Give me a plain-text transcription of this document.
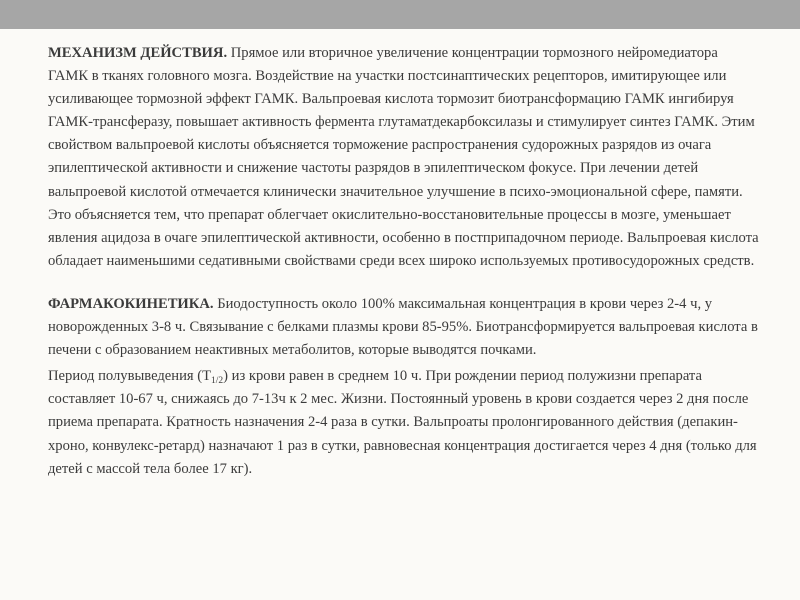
МЕХАНИЗМ ДЕЙСТВИЯ. Прямое или вторичное увеличение концентрации тормозного нейромедиатора ГАМК в тканях головного мозга. Воздействие на участки постсинаптических рецепторов, имитирующее или усиливающее тормозной эффект ГАМК. Вальпроевая кислота тормозит биотрансформацию ГАМК ингибируя ГАМК-трансферазу, повышает активность фермента глутаматдекарбоксилазы и стимулирует синтез ГАМК. Этим свойством вальпроевой кислоты объясняется торможение распространения судорожных разрядов из очага эпилептической активности и снижение частоты разрядов в эпилептическом фокусе. При лечении детей вальпроевой кислотой отмечается клинически значительное улучшение в психо-эмоциональной сфере, памяти. Это объясняется тем, что препарат облегчает окислительно-восстановительные процессы в мозге, уменьшает явления ацидоза в очаге эпилептической активности, особенно в постприпадочном периоде. Вальпроевая кислота обладает наименьшими седативными свойствами среди всех широко используемых противосудорожных средств.

ФАРМАКОКИНЕТИКА. Биодоступность около 100% максимальная концентрация в крови через 2-4 ч, у новорожденных 3-8 ч. Связывание с белками плазмы крови 85-95%. Биотрансформируется вальпроевая кислота в печени с образованием неактивных метаболитов, которые выводятся почками.

Период полувыведения $(Т_{1/2})$ из крови равен в среднем 10 ч. При рождении период полужизни препарата составляет 10-67 ч, снижаясь до 7-13ч к 2 мес. Жизни. Постоянный уровень в крови создается через 2 дня после приема препарата. Кратность назначения 2-4 раза в сутки. Вальпроаты пролонгированного действия (депакин-хроно, конвулекс-ретард) назначают 1 раз в сутки, равновесная концентрация достигается через 4 дня (только для детей с массой тела более 17 кг).
